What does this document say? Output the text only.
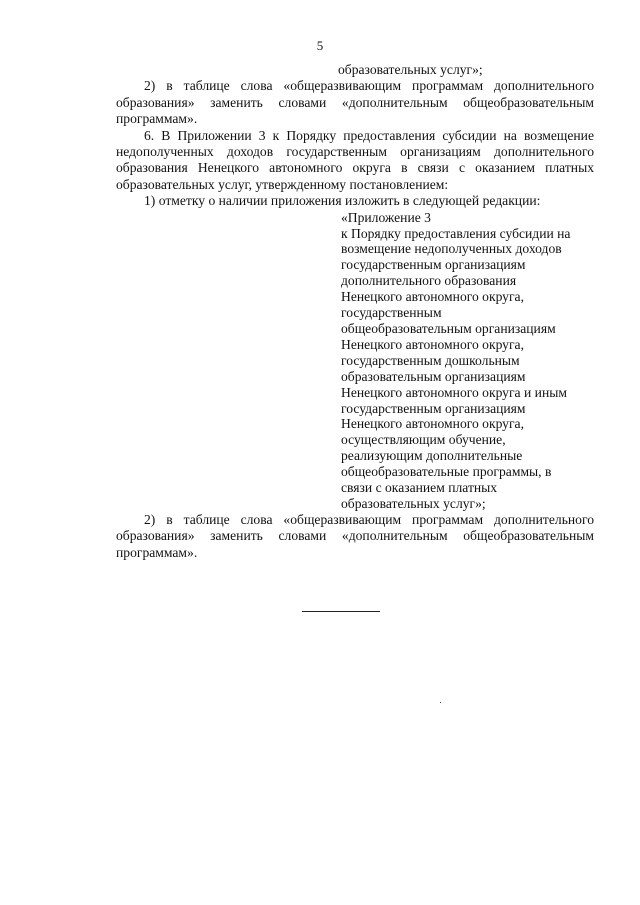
5
образовательных услуг»;

2) в таблице слова «общеразвивающим программам дополнительного образования» заменить словами «дополнительным общеобразовательным программам».

6. В Приложении 3 к Порядку предоставления субсидии на возмещение недополученных доходов государственным организациям дополнительного образования Ненецкого автономного округа в связи с оказанием платных образовательных услуг, утвержденному постановлением:

1) отметку о наличии приложения изложить в следующей редакции:

«Приложение 3
к Порядку предоставления субсидии на
возмещение недополученных доходов
государственным организациям
дополнительного образования
Ненецкого автономного округа,
государственным
общеобразовательным организациям
Ненецкого автономного округа,
государственным дошкольным
образовательным организациям
Ненецкого автономного округа и иным
государственным организациям
Ненецкого автономного округа,
осуществляющим обучение,
реализующим дополнительные
общеобразовательные программы, в
связи с оказанием платных
образовательных услуг»;

2) в таблице слова «общеразвивающим программам дополнительного образования» заменить словами «дополнительным общеобразовательным программам».
